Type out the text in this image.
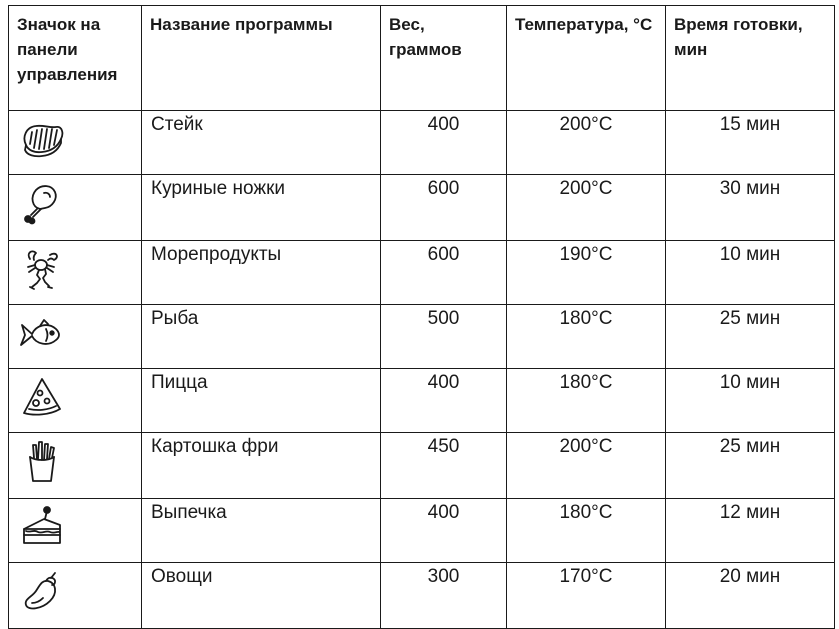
Значок на панели управления	Название программы	Вес, граммов	Температура, °C	Время готовки, мин

	Стейк	400	200°C	15 мин

	Куриные ножки	600	200°C	30 мин

	Морепродукты	600	190°C	10 мин

	Рыба	500	180°C	25 мин

	Пицца	400	180°C	10 мин

	Картошка фри	450	200°C	25 мин

	Выпечка	400	180°C	12 мин

	Овощи	300	170°C	20 мин
